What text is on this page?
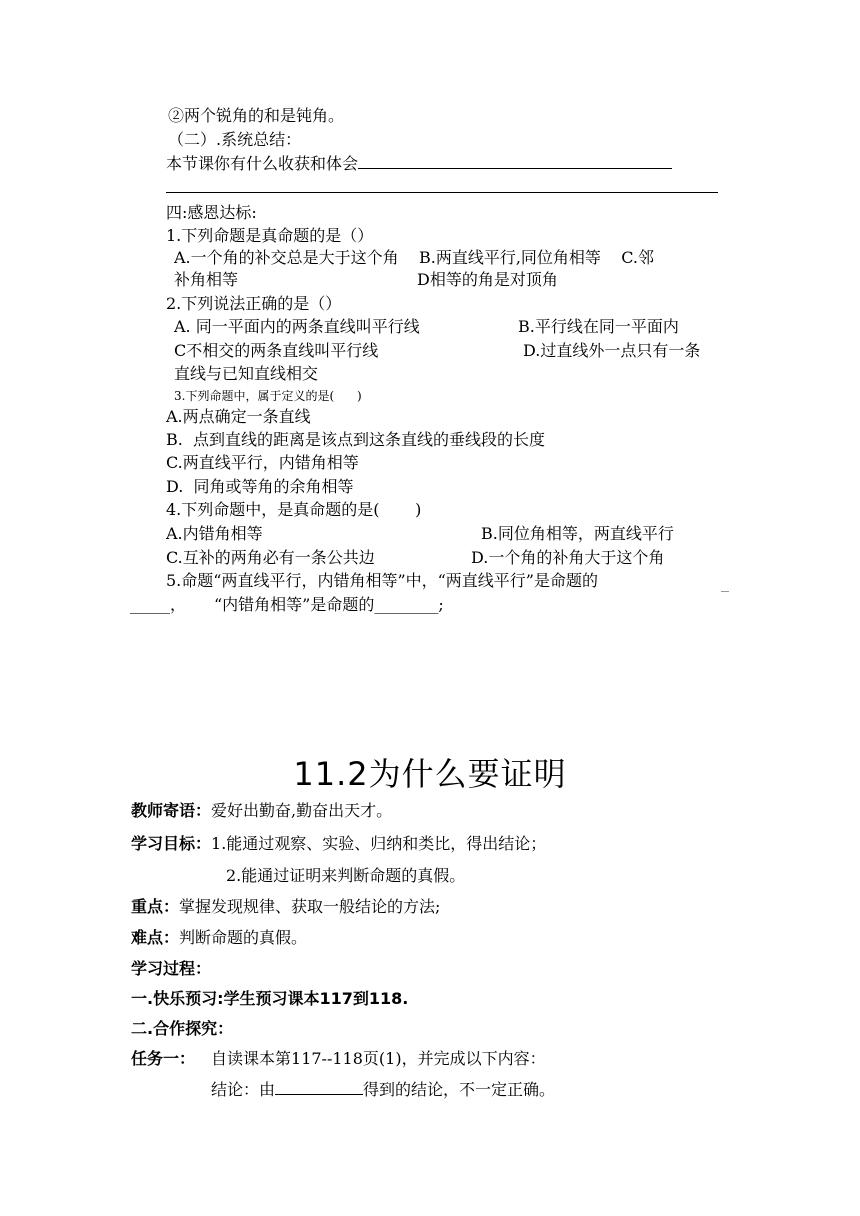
②两个锐角的和是钝角。
（二）.系统总结：
本节课你有什么收获和体会
四:感恩达标:
1.下列命题是真命题的是（）
A.一个角的补交总是大于这个角    B.两直线平行,同位角相等    C.邻
补角相等	D相等的角是对顶角
2.下列说法正确的是（）
A. 同一平面内的两条直线叫平行线	B.平行线在同一平面内
C不相交的两条直线叫平行线	D.过直线外一点只有一条
直线与已知直线相交
3.下列命题中，属于定义的是(      )
A.两点确定一条直线
B.  点到直线的距离是该点到这条直线的垂线段的长度
C.两直线平行，内错角相等
D.  同角或等角的余角相等
4.下列命题中，是真命题的是(       )
A.内错角相等	B.同位角相等，两直线平行
C.互补的两角必有一条公共边	D.一个角的补角大于这个角
5.命题“两直线平行，内错角相等”中，“两直线平行”是命题的
_____， “内错角相等”是命题的________;
11.2为什么要证明
教师寄语：爱好出勤奋,勤奋出天才。
学习目标：1.能通过观察、实验、归纳和类比，得出结论；
2.能通过证明来判断命题的真假。
重点：掌握发现规律、获取一般结论的方法;
难点：判断命题的真假。
学习过程：
一.快乐预习:学生预习课本117到118.
二.合作探究：
任务一： 自读课本第117--118页(1)，并完成以下内容：
结论：由	得到的结论，不一定正确。
